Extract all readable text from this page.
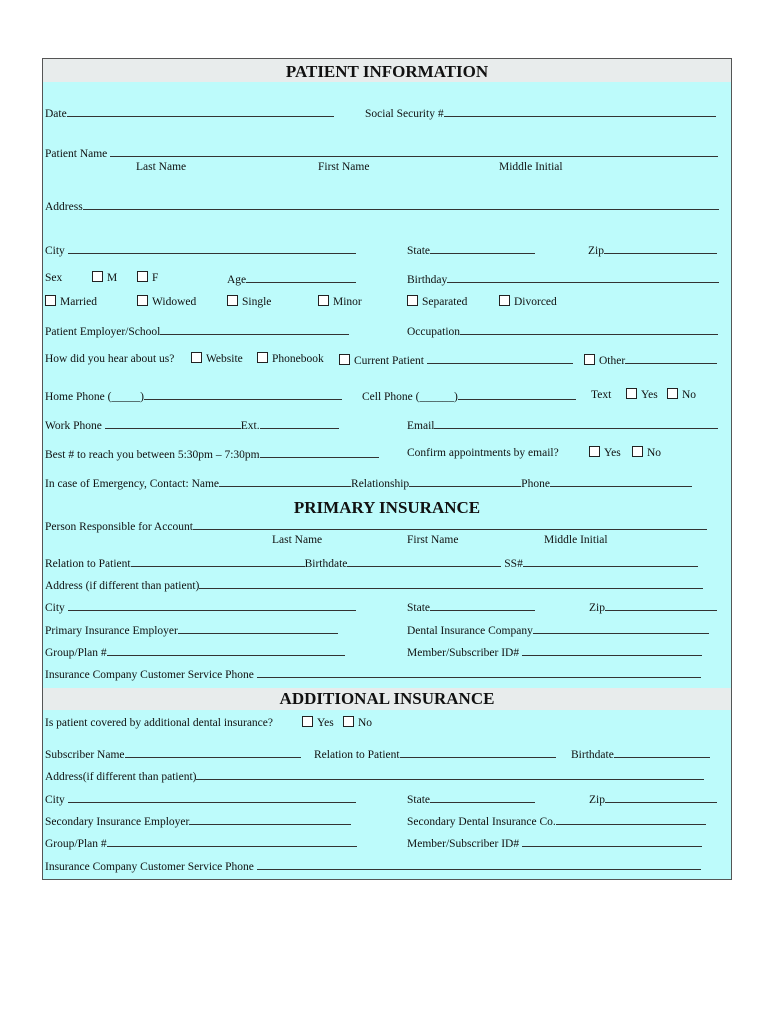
PATIENT INFORMATION
Date	Social Security #
Patient Name
Last Name	First Name	Middle Initial
Address
City	State	Zip
Sex	M	F	Age	Birthday
Married	Widowed	Single	Minor	Separated	Divorced
Patient Employer/School	Occupation
How did you hear about us?	Website	Phonebook	Current Patient	Other
Home Phone (_____)	Cell Phone (______)	Text	Yes	No
Work Phone	Ext.	Email
Best # to reach you between 5:30pm – 7:30pm	Confirm appointments by email?	Yes	No
In case of Emergency, Contact: Name	Relationship	Phone
PRIMARY INSURANCE
Person Responsible for Account
Last Name	First Name	Middle Initial
Relation to Patient	Birthdate	SS#
Address (if different than patient)
City	State	Zip
Primary Insurance Employer	Dental Insurance Company
Group/Plan #	Member/Subscriber ID#
Insurance Company Customer Service Phone
ADDITIONAL INSURANCE
Is patient covered by additional dental insurance?	Yes	No
Subscriber Name	Relation to Patient	Birthdate
Address(if different than patient)
City	State	Zip
Secondary Insurance Employer	Secondary Dental Insurance Co.
Group/Plan #	Member/Subscriber ID#
Insurance Company Customer Service Phone
